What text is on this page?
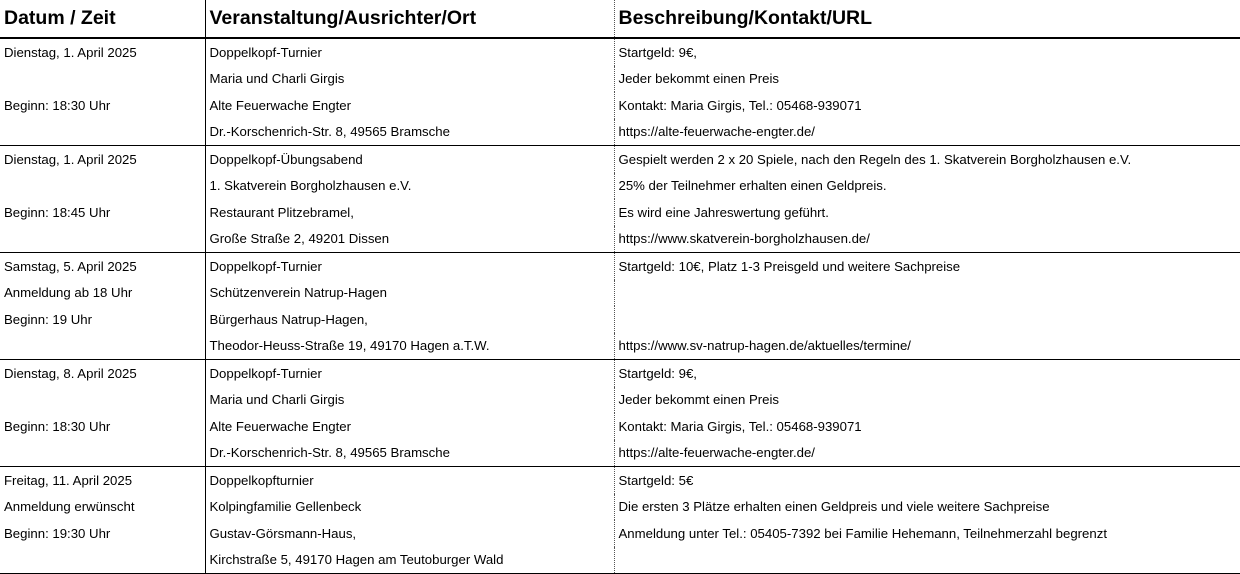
Datum / Zeit	Veranstaltung/Ausrichter/Ort	Beschreibung/Kontakt/URL
Dienstag, 1. April 2025	Doppelkopf-Turnier	Startgeld: 9€,
	Maria und Charli Girgis	Jeder bekommt einen Preis
Beginn: 18:30 Uhr	Alte Feuerwache Engter	Kontakt: Maria Girgis, Tel.: 05468-939071
	Dr.-Korschenrich-Str. 8, 49565 Bramsche	https://alte-feuerwache-engter.de/
Dienstag, 1. April 2025	Doppelkopf-Übungsabend	Gespielt werden 2 x 20 Spiele, nach den Regeln des 1. Skatverein Borgholzhausen e.V.
	1. Skatverein Borgholzhausen e.V.	25% der Teilnehmer erhalten einen Geldpreis.
Beginn: 18:45 Uhr	Restaurant Plitzebramel,	Es wird eine Jahreswertung geführt.
	Große Straße 2, 49201 Dissen	https://www.skatverein-borgholzhausen.de/
Samstag, 5. April 2025	Doppelkopf-Turnier	Startgeld: 10€, Platz 1-3 Preisgeld und weitere Sachpreise
Anmeldung ab 18 Uhr	Schützenverein Natrup-Hagen	
Beginn: 19 Uhr	Bürgerhaus Natrup-Hagen,	
	Theodor-Heuss-Straße 19, 49170 Hagen a.T.W.	https://www.sv-natrup-hagen.de/aktuelles/termine/
Dienstag, 8. April 2025	Doppelkopf-Turnier	Startgeld: 9€,
	Maria und Charli Girgis	Jeder bekommt einen Preis
Beginn: 18:30 Uhr	Alte Feuerwache Engter	Kontakt: Maria Girgis, Tel.: 05468-939071
	Dr.-Korschenrich-Str. 8, 49565 Bramsche	https://alte-feuerwache-engter.de/
Freitag, 11. April 2025	Doppelkopfturnier	Startgeld: 5€
Anmeldung erwünscht	Kolpingfamilie Gellenbeck	Die ersten 3 Plätze erhalten einen Geldpreis und viele weitere Sachpreise
Beginn: 19:30 Uhr	Gustav-Görsmann-Haus,	Anmeldung unter Tel.: 05405-7392 bei Familie Hehemann, Teilnehmerzahl begrenzt
	Kirchstraße 5, 49170 Hagen am Teutoburger Wald	
